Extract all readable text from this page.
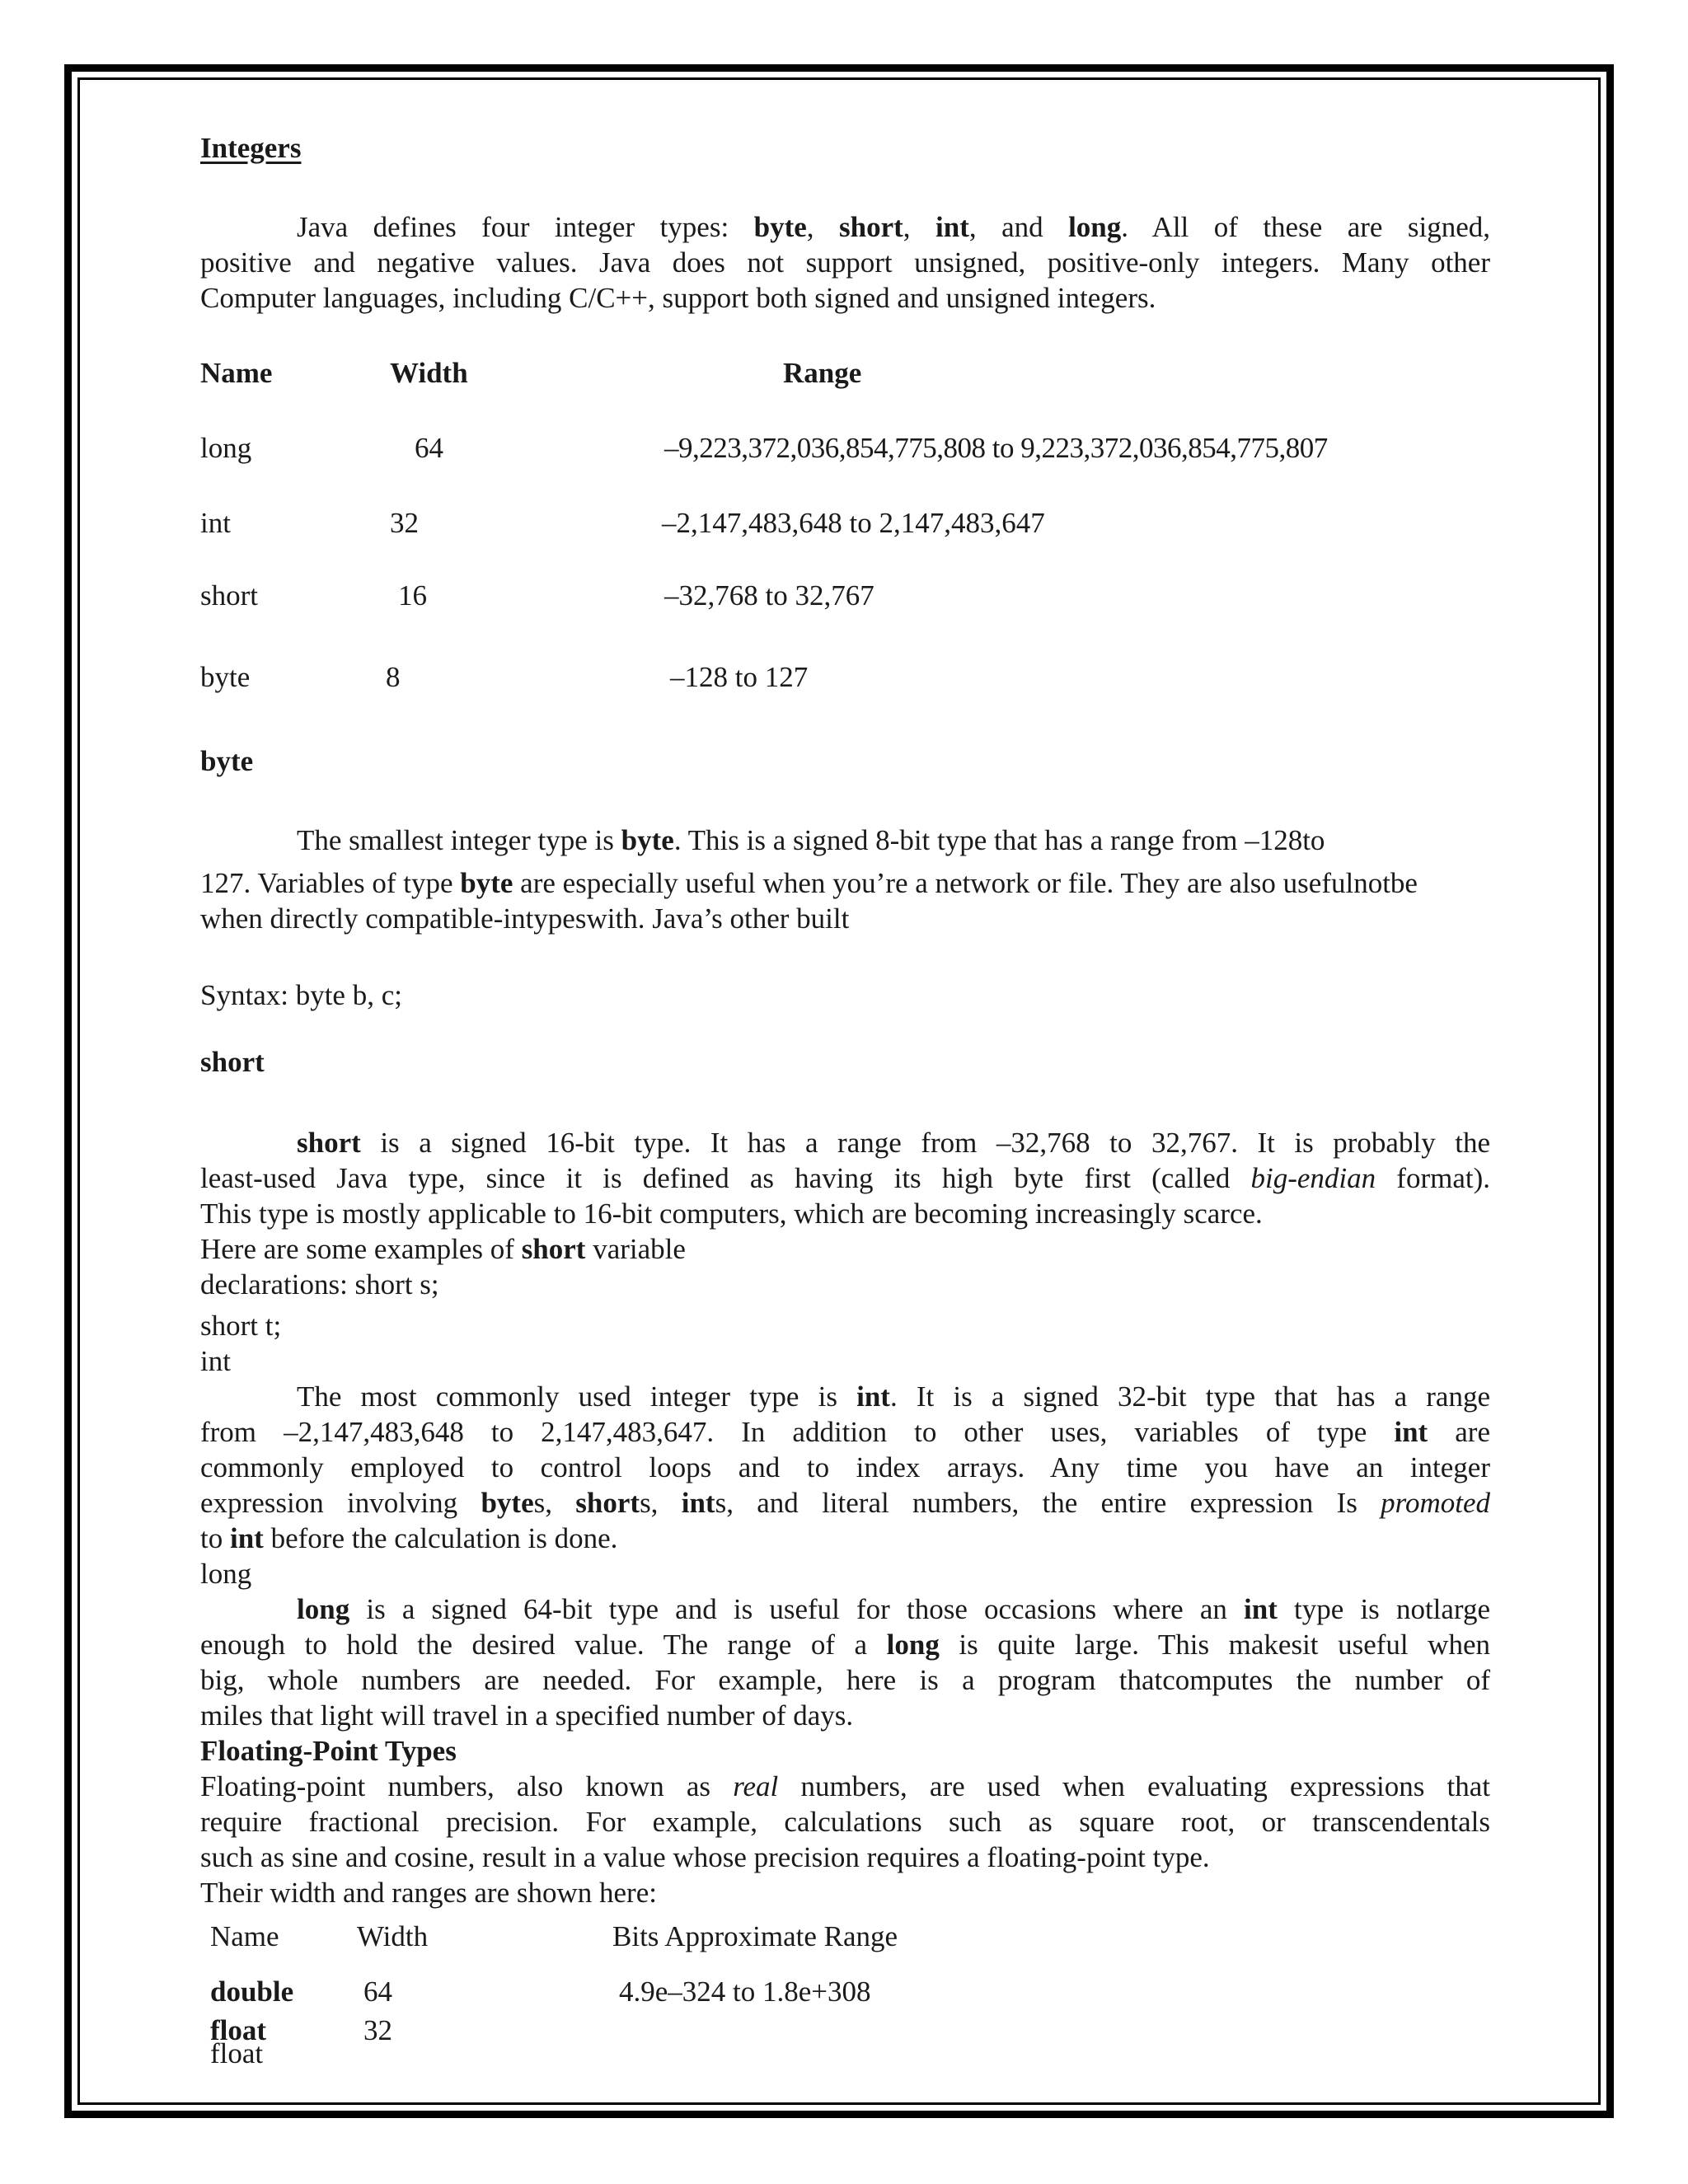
Integers
Java defines four integer types: byte, short, int, and long. All of these are signed,
positive and negative values. Java does not support unsigned, positive-only integers. Many other
Computer languages, including C/C++, support both signed and unsigned integers.
Name	Width	Range
long	64	–9,223,372,036,854,775,808 to 9,223,372,036,854,775,807
int	32	–2,147,483,648 to 2,147,483,647
short	16	–32,768 to 32,767
byte	8	–128 to 127
byte
The smallest integer type is byte. This is a signed 8-bit type that has a range from –128to
127. Variables of type byte are especially useful when you’re a network or file. They are also usefulnotbe
when directly compatible-intypeswith. Java’s other built
Syntax: byte b, c;
short
short is a signed 16-bit type. It has a range from –32,768 to 32,767. It is probably the
least-used Java type, since it is defined as having its high byte first (called big-endian format).
This type is mostly applicable to 16-bit computers, which are becoming increasingly scarce.
Here are some examples of short variable
declarations: short s;
short t;
int
The most commonly used integer type is int. It is a signed 32-bit type that has a range
from –2,147,483,648 to 2,147,483,647. In addition to other uses, variables of type int are
commonly employed to control loops and to index arrays. Any time you have an integer
expression involving bytes, shorts, ints, and literal numbers, the entire expression Is promoted
to int before the calculation is done.
long
long is a signed 64-bit type and is useful for those occasions where an int type is notlarge
enough to hold the desired value. The range of a long is quite large. This makesit useful when
big, whole numbers are needed. For example, here is a program thatcomputes the number of
miles that light will travel in a specified number of days.
Floating-Point Types
Floating-point numbers, also known as real numbers, are used when evaluating expressions that
require fractional precision. For example, calculations such as square root, or transcendentals
such as sine and cosine, result in a value whose precision requires a floating-point type.
Their width and ranges are shown here:
Name	Width	Bits Approximate Range
double 64	4.9e–324 to 1.8e+308
float	32
float
